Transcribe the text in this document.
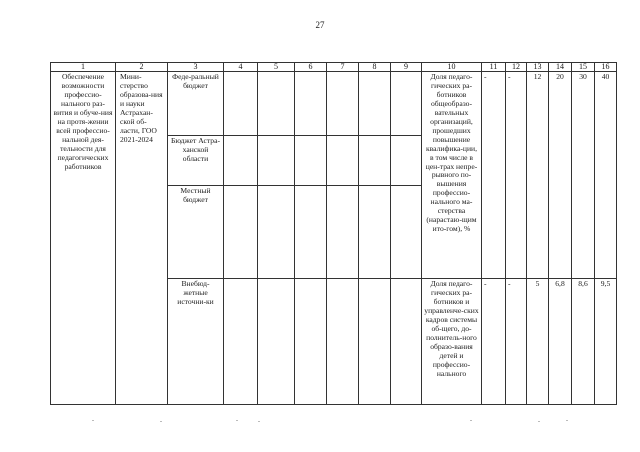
27
1	2	3	4	5	6	7	8	9	10	11	12	13	14	15	16
Обеспечение возможности профессио-нального раз-вития и обуче-ния на протя-жении всей профессио-нальной дея-тельности для педагогических работников	Мини-стерство образова-ния и науки Астрахан-ской об-ласти, ГОО 2021-2024	Феде-ральный бюджет							Доля педаго-гических ра-ботников общеобразо-вательных организаций, прошедших повышение квалифика-ции, в том числе в цен-трах непре-рывного по-вышения профессио-нального ма-стерства (нарастаю-щим ито-гом), %	-	-	12	20	30	40
		Бюджет Астра-ханской области													
		Местный бюджет													
		Внебюд-жетные источни-ки							Доля педаго-гических ра-ботников и управленче-ских кадров системы об-щего, до-полнитель-ного образо-вания детей и профессио-нального	-	-	5	6,8	8,6	9,5
